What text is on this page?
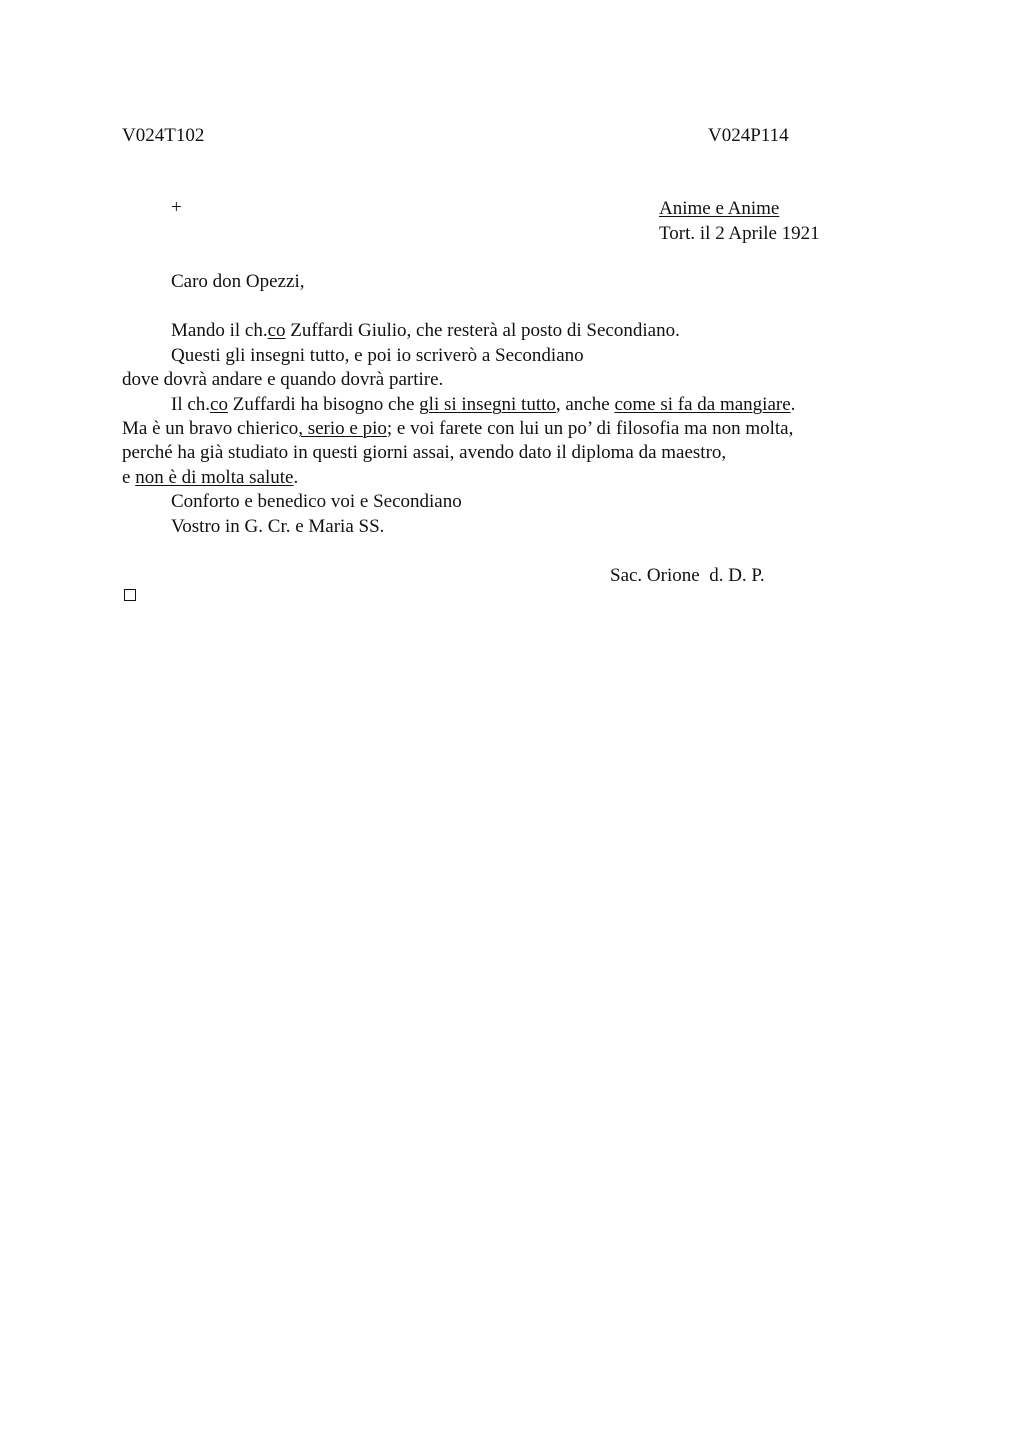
V024T102	V024P114
+	Anime e Anime
Tort. il 2 Aprile 1921
Caro don Opezzi,
Mando il ch.co Zuffardi Giulio, che resterà al posto di Secondiano.
Questi gli insegni tutto, e poi io scriverò a Secondiano
dove dovrà andare e quando dovrà partire.
Il ch.co Zuffardi ha bisogno che gli si insegni tutto, anche come si fa da mangiare.
Ma è un bravo chierico, serio e pio; e voi farete con lui un po’ di filosofia ma non molta,
perché ha già studiato in questi giorni assai, avendo dato il diploma da maestro,
e non è di molta salute.
Conforto e benedico voi e Secondiano
Vostro in G. Cr. e Maria SS.
Sac. Orione  d. D. P.
